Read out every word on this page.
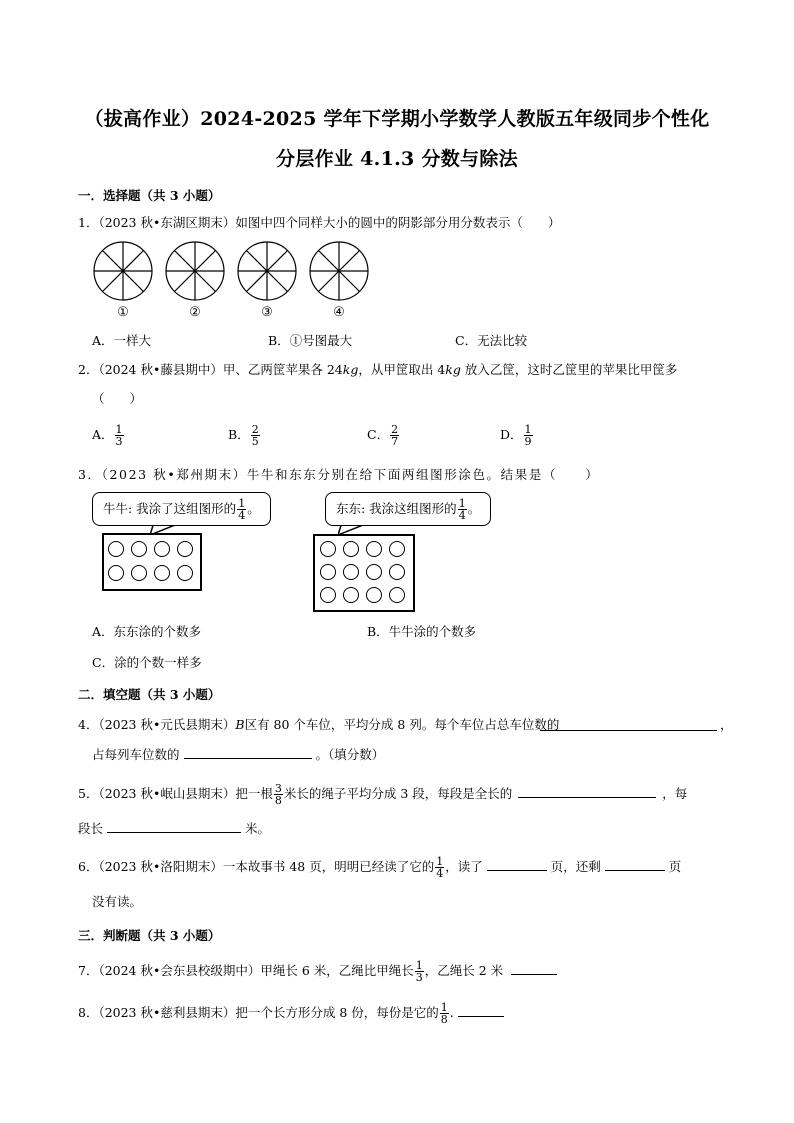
（拔高作业）2024-2025 学年下学期小学数学人教版五年级同步个性化
分层作业 4.1.3 分数与除法
一．选择题（共 3 小题）
1．（2023 秋•东湖区期末）如图中四个同样大小的圆中的阴影部分用分数表示（　　）
①	②	③	④
A．一样大	B．①号图最大	C．无法比较
2．（2024 秋•藤县期中）甲、乙两筐苹果各 24kg，从甲筐取出 4kg 放入乙筐，这时乙筐里的苹果比甲筐多
（　　）
A． $\frac{1}{3}$	B． $\frac{2}{5}$	C． $\frac{2}{7}$	D． $\frac{1}{9}$
3．（2023 秋•郑州期末）牛牛和东东分别在给下面两组图形涂色。结果是（　　）
牛牛: 我涂了这组图形的 $\frac{1}{4}$ 。	东东: 我涂这组图形的 $\frac{1}{4}$ 。
A．东东涂的个数多	B．牛牛涂的个数多
C．涂的个数一样多
二．填空题（共 3 小题）
4．（2023 秋•元氏县期末）B区有 80 个车位，平均分成 8 列。每个车位占总车位数的	，
占每列车位数的	。（填分数）
5．（2023 秋•岷山县期末）把一根 $\frac{3}{8}$ 米长的绳子平均分成 3 段，每段是全长的	，每
段长	米。
6．（2023 秋•洛阳期末）一本故事书 48 页，明明已经读了它的 $\frac{1}{4}$ ，读了	页，还剩	页
没有读。
三．判断题（共 3 小题）
7．（2024 秋•会东县校级期中）甲绳长 6 米，乙绳比甲绳长 $\frac{1}{3}$ ，乙绳长 2 米
8．（2023 秋•慈利县期末）把一个长方形分成 8 份，每份是它的 $\frac{1}{8}$ .
